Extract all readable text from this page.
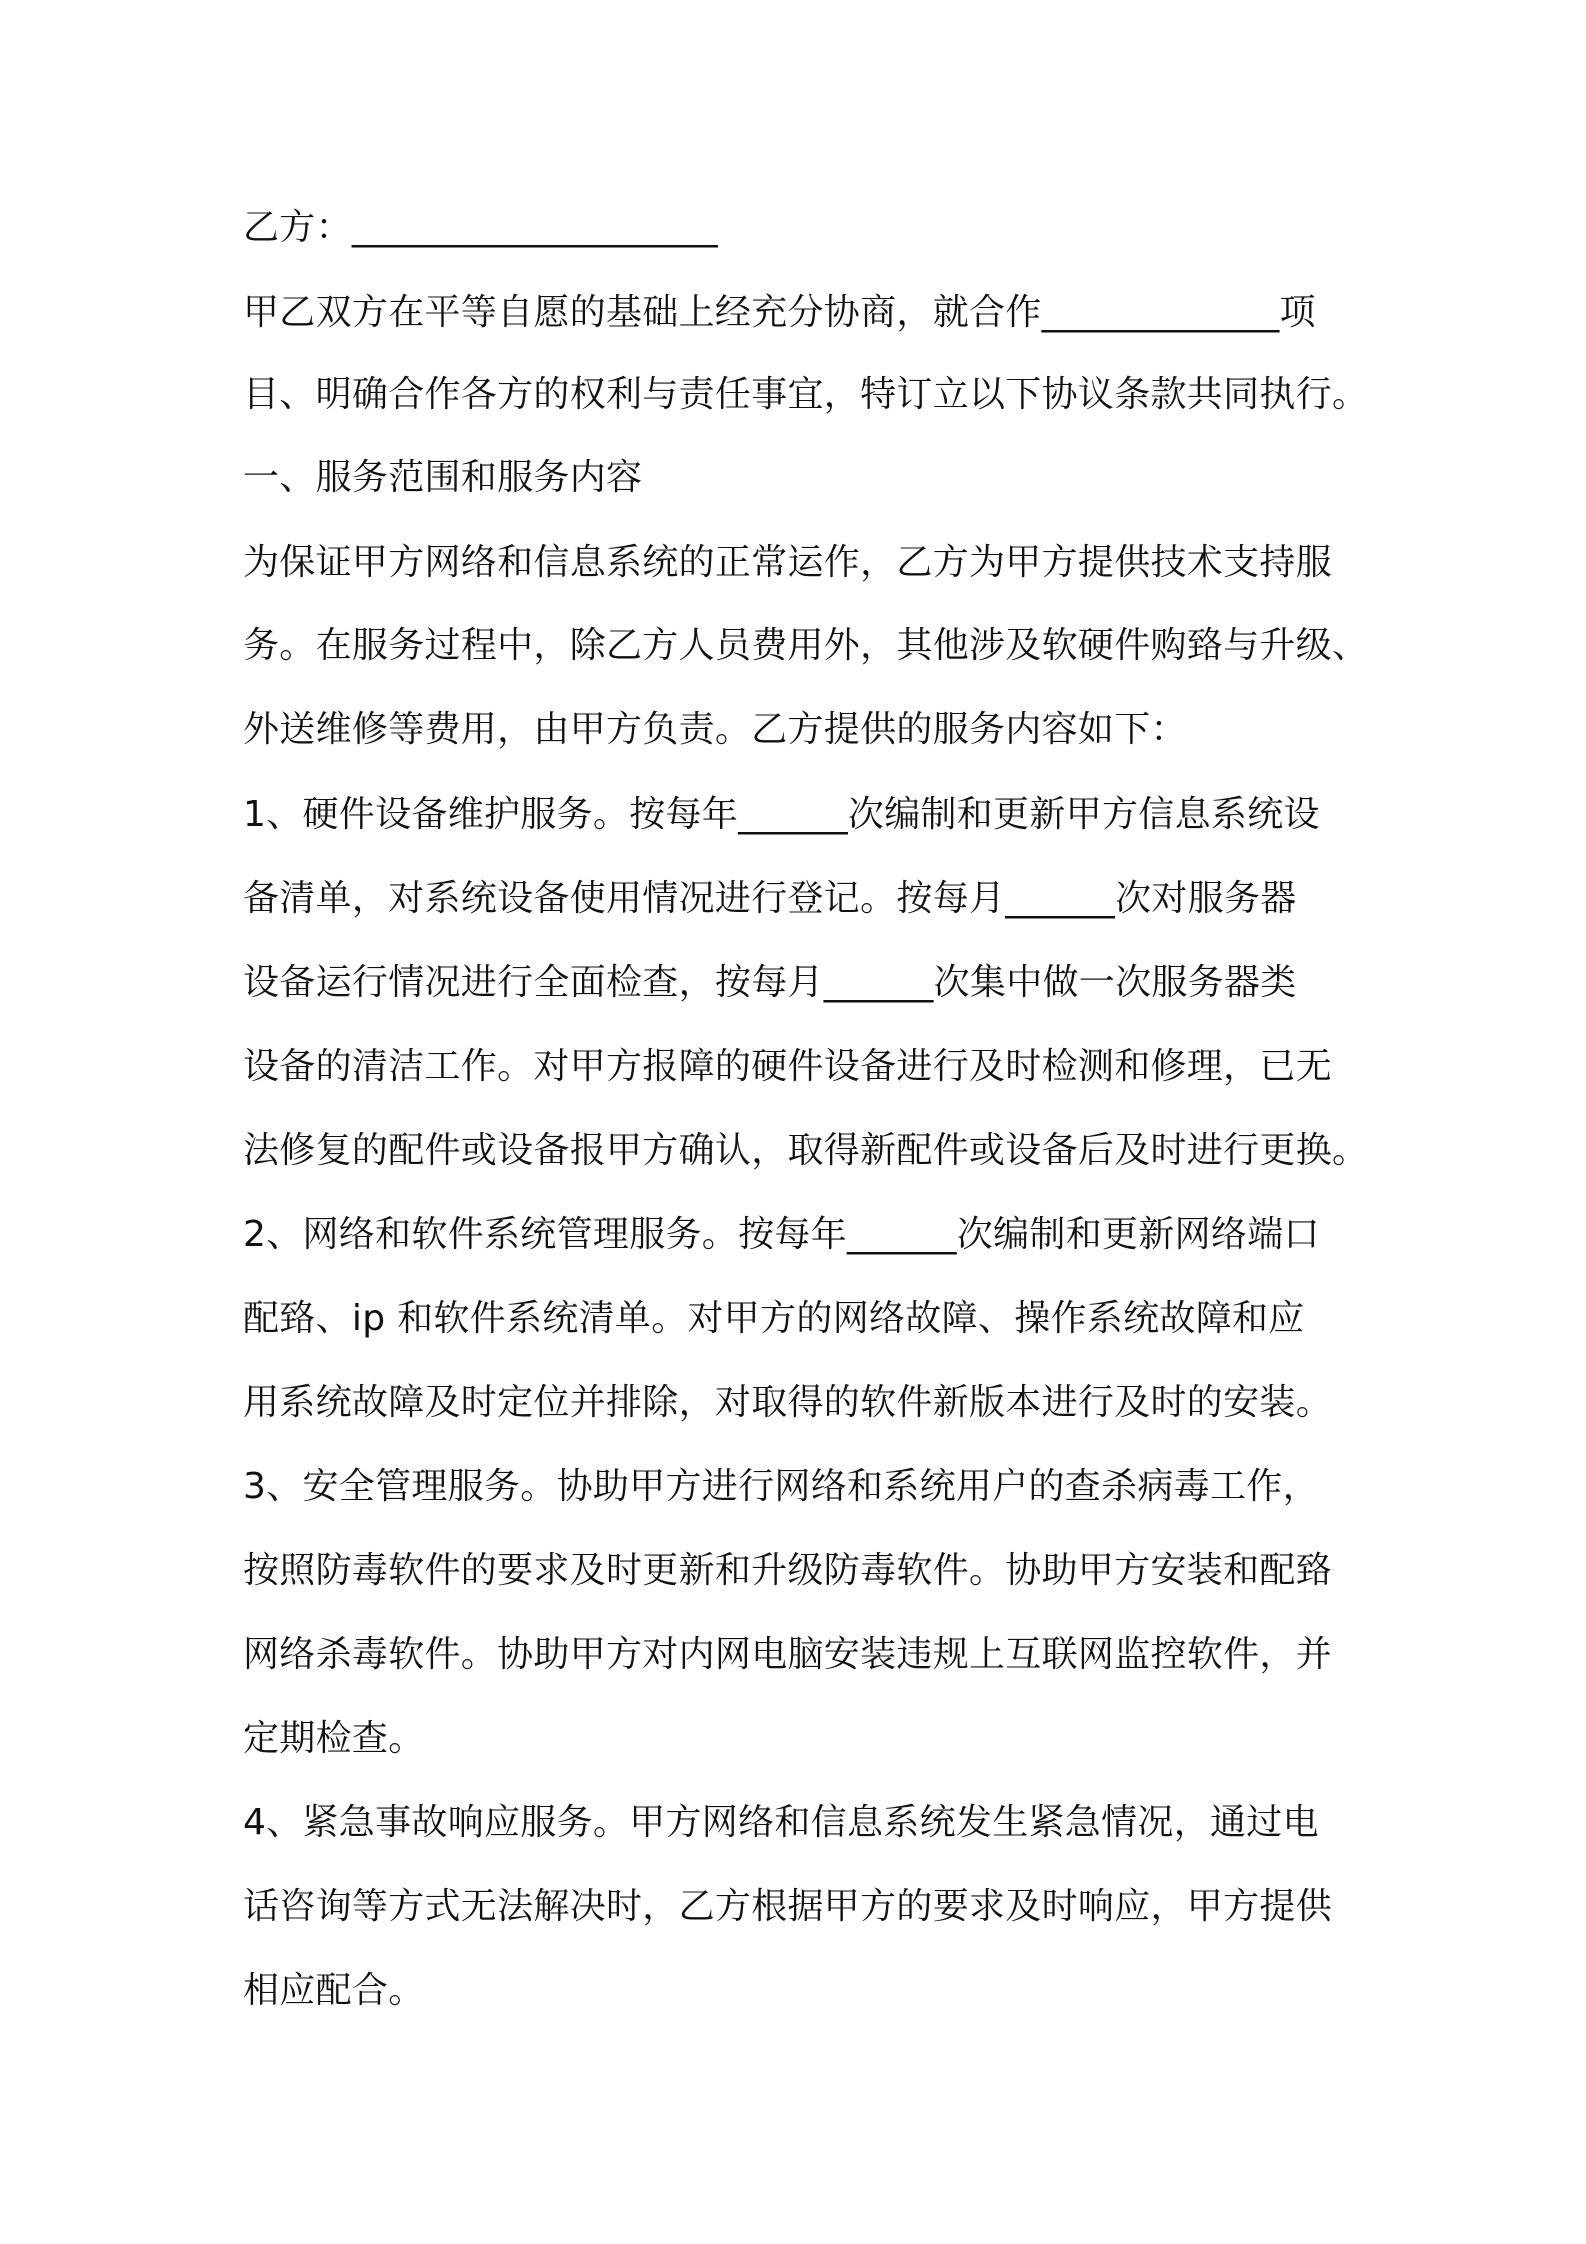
乙方：____________________
甲乙双方在平等自愿的基础上经充分协商，就合作_____________项
目、明确合作各方的权利与责任事宜，特订立以下协议条款共同执行。
一、服务范围和服务内容
为保证甲方网络和信息系统的正常运作，乙方为甲方提供技术支持服
务。在服务过程中，除乙方人员费用外，其他涉及软硬件购臵与升级、
外送维修等费用，由甲方负责。乙方提供的服务内容如下：
1、硬件设备维护服务。按每年______次编制和更新甲方信息系统设
备清单，对系统设备使用情况进行登记。按每月______次对服务器
设备运行情况进行全面检查，按每月______次集中做一次服务器类
设备的清洁工作。对甲方报障的硬件设备进行及时检测和修理，已无
法修复的配件或设备报甲方确认，取得新配件或设备后及时进行更换。
2、网络和软件系统管理服务。按每年______次编制和更新网络端口
配臵、ip 和软件系统清单。对甲方的网络故障、操作系统故障和应
用系统故障及时定位并排除，对取得的软件新版本进行及时的安装。
3、安全管理服务。协助甲方进行网络和系统用户的查杀病毒工作，
按照防毒软件的要求及时更新和升级防毒软件。协助甲方安装和配臵
网络杀毒软件。协助甲方对内网电脑安装违规上互联网监控软件，并
定期检查。
4、紧急事故响应服务。甲方网络和信息系统发生紧急情况，通过电
话咨询等方式无法解决时，乙方根据甲方的要求及时响应，甲方提供
相应配合。
